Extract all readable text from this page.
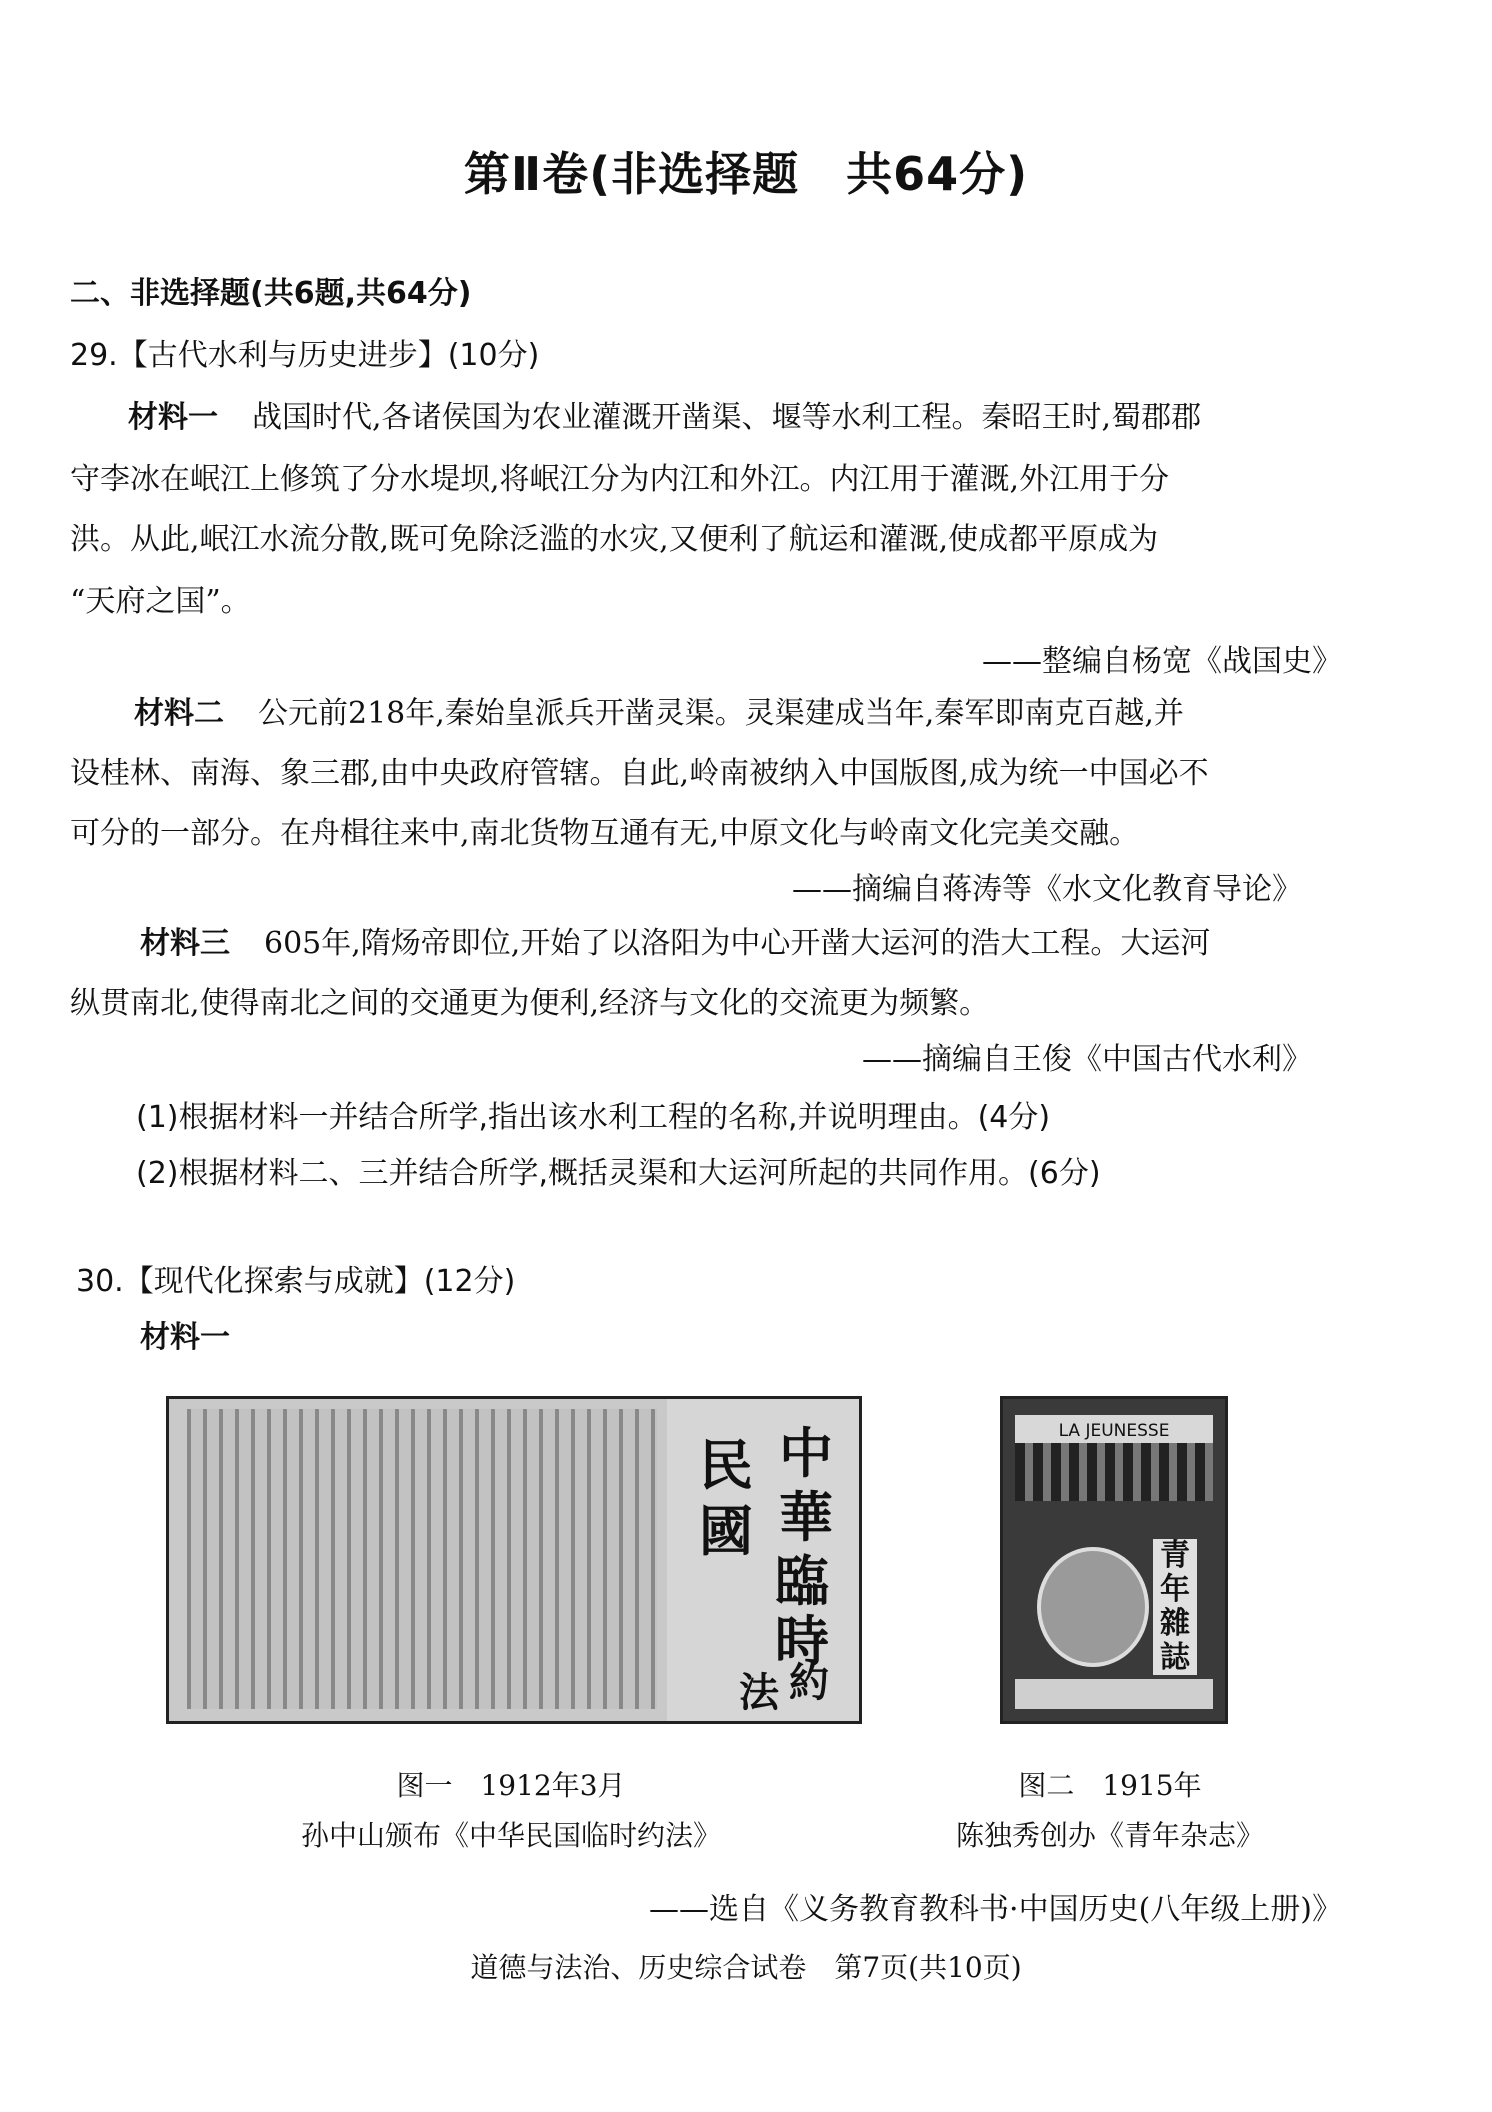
第Ⅱ卷(非选择题　共64分)
二、非选择题(共6题,共64分)
29.【古代水利与历史进步】(10分)
材料一 战国时代,各诸侯国为农业灌溉开凿渠、堰等水利工程。秦昭王时,蜀郡郡
守李冰在岷江上修筑了分水堤坝,将岷江分为内江和外江。内江用于灌溉,外江用于分
洪。从此,岷江水流分散,既可免除泛滥的水灾,又便利了航运和灌溉,使成都平原成为
“天府之国”。
——整编自杨宽《战国史》
材料二 公元前218年,秦始皇派兵开凿灵渠。灵渠建成当年,秦军即南克百越,并
设桂林、南海、象三郡,由中央政府管辖。自此,岭南被纳入中国版图,成为统一中国必不
可分的一部分。在舟楫往来中,南北货物互通有无,中原文化与岭南文化完美交融。
——摘编自蒋涛等《水文化教育导论》
材料三 605年,隋炀帝即位,开始了以洛阳为中心开凿大运河的浩大工程。大运河
纵贯南北,使得南北之间的交通更为便利,经济与文化的交流更为频繁。
——摘编自王俊《中国古代水利》
(1)根据材料一并结合所学,指出该水利工程的名称,并说明理由。(4分)
(2)根据材料二、三并结合所学,概括灵渠和大运河所起的共同作用。(6分)
30.【现代化探索与成就】(12分)
材料一
中
華
民
國
臨
時
約
法
LA JEUNESSE
青
年
雜
誌
图一　1912年3月
孙中山颁布《中华民国临时约法》
图二　1915年
陈独秀创办《青年杂志》
——选自《义务教育教科书·中国历史(八年级上册)》
道德与法治、历史综合试卷　第7页(共10页)
